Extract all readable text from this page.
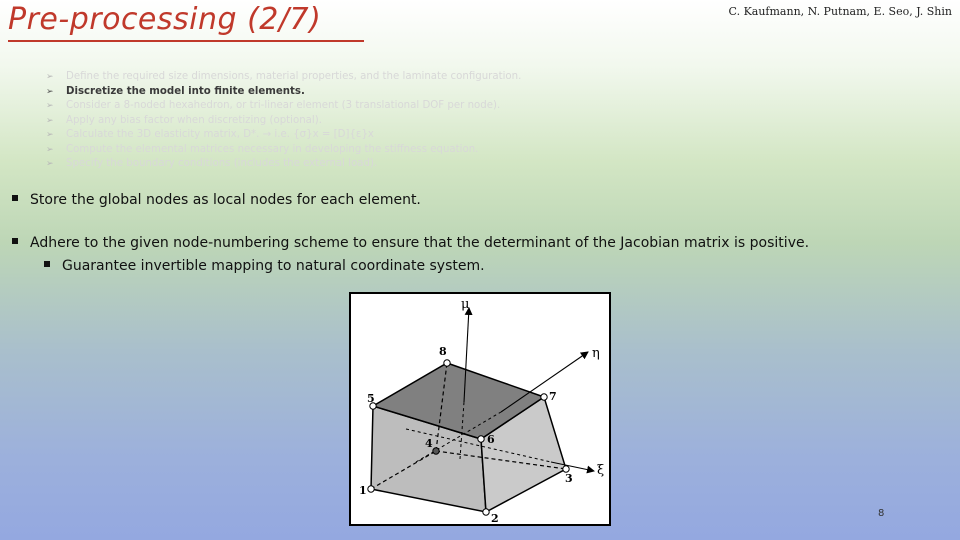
Pre-processing (2/7)	C. Kaufmann, N. Putnam, E. Seo, J. Shin
➢ Define the required size dimensions, material properties, and the laminate configuration.
➢ Discretize the model into finite elements.
➢ Consider a 8-noded hexahedron, or tri-linear element (3 translational DOF per node).
➢ Apply any bias factor when discretizing (optional).
➢ Calculate the 3D elasticity matrix, D*. → i.e. {σ}x = [D]{ε}x
➢ Compute the elemental matrices necessary in developing the stiffness equation.
➢ Specify the boundary conditions (includes the external load).
Store the global nodes as local nodes for each element.
Adhere to the given node-numbering scheme to ensure that the determinant of the Jacobian matrix is positive.
Guarantee invertible mapping to natural coordinate system.
μ
η
ξ
1
2
3
4
5
6
7
8
8
